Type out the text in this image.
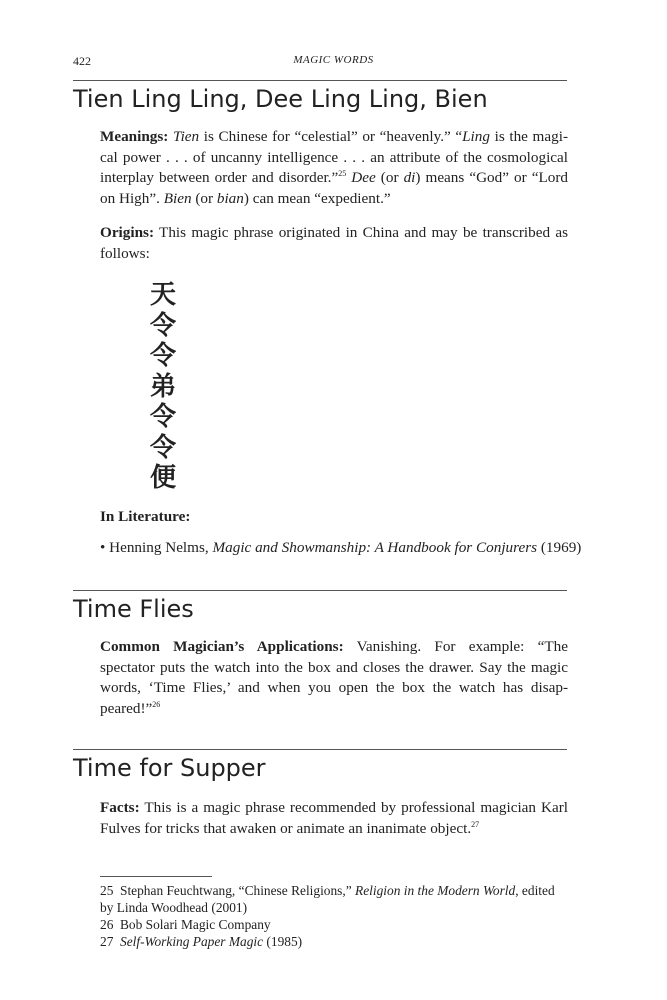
422	MAGIC WORDS
Tien Ling Ling, Dee Ling Ling, Bien

Meanings: Tien is Chinese for “celestial” or “heavenly.” “Ling is the magical power . . . of uncanny intelligence . . . an attribute of the cosmological interplay between order and disorder.”$^{25}$ Dee (or di) means “God” or “Lord on High”. Bien (or bian) can mean “expedient.”

Origins: This magic phrase originated in China and may be transcribed as follows:

天
令
令
弟
令
令
便
In Literature:
• Henning Nelms, Magic and Showmanship: A Handbook for Conjurers (1969)
Time Flies

Common Magician’s Applications: Vanishing. For example: “The spectator puts the watch into the box and closes the drawer. Say the magic words, ‘Time Flies,’ and when you open the box the watch has disappeared!”$^{26}$

Time for Supper

Facts: This is a magic phrase recommended by professional magician Karl Fulves for tricks that awaken or animate an inanimate object.$^{27}$

25 Stephan Feuchtwang, “Chinese Religions,” Religion in the Modern World, edited by Linda Woodhead (2001)

26 Bob Solari Magic Company

27 Self-Working Paper Magic (1985)
